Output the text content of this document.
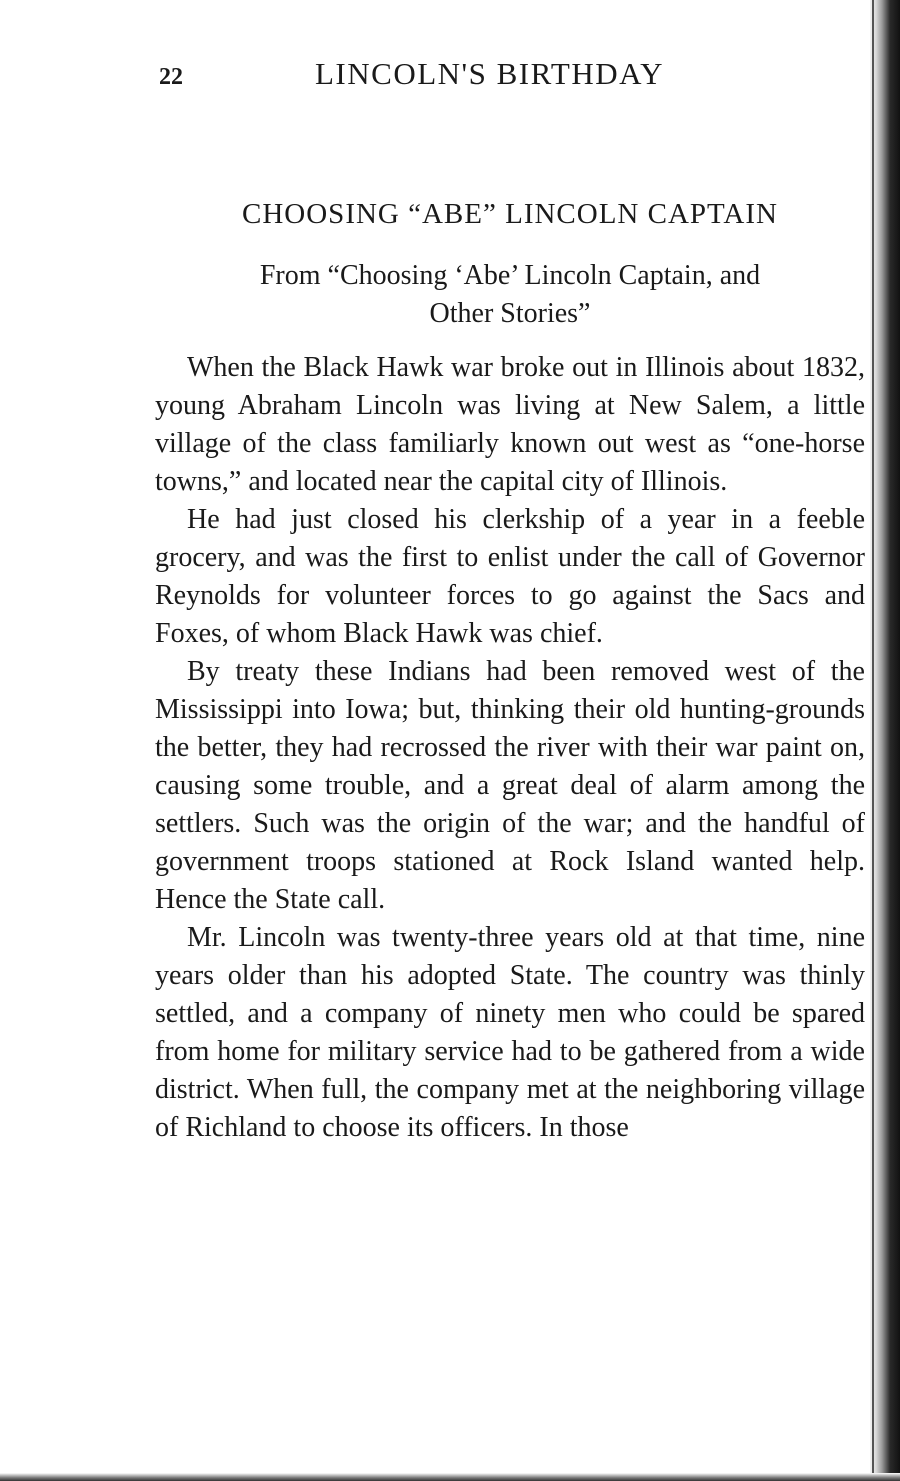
22	LINCOLN'S BIRTHDAY
CHOOSING “ABE” LINCOLN CAPTAIN
From “Choosing ‘Abe’ Lincoln Captain, and
Other Stories”

When the Black Hawk war broke out in Illinois about 1832, young Abraham Lincoln was living at New Salem, a little village of the class familiarly known out west as “one-horse towns,” and located near the capital city of Illinois.

He had just closed his clerkship of a year in a feeble grocery, and was the first to enlist under the call of Governor Reynolds for volunteer forces to go against the Sacs and Foxes, of whom Black Hawk was chief.

By treaty these Indians had been removed west of the Mississippi into Iowa; but, thinking their old hunting-grounds the better, they had recrossed the river with their war paint on, causing some trouble, and a great deal of alarm among the settlers. Such was the origin of the war; and the handful of government troops stationed at Rock Island wanted help. Hence the State call.

Mr. Lincoln was twenty-three years old at that time, nine years older than his adopted State. The country was thinly settled, and a company of ninety men who could be spared from home for military service had to be gathered from a wide district. When full, the company met at the neighboring village of Richland to choose its officers. In those
